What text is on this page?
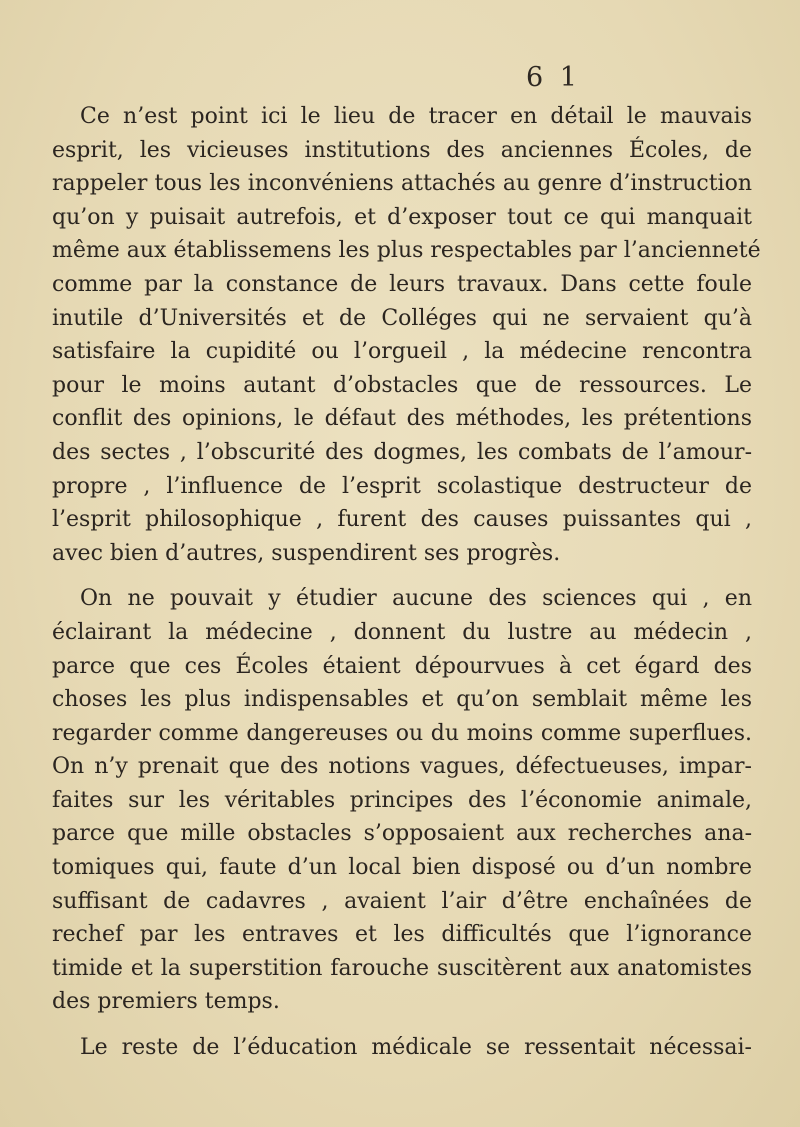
6 1
Ce n’est point ici le lieu de tracer en détail le mauvais
esprit, les vicieuses institutions des anciennes Écoles, de
rappeler tous les inconvéniens attachés au genre d’instruction
qu’on y puisait autrefois, et d’exposer tout ce qui manquait
même aux établissemens les plus respectables par l’ancienneté
comme par la constance de leurs travaux. Dans cette foule
inutile d’Universités et de Colléges qui ne servaient qu’à
satisfaire la cupidité ou l’orgueil , la médecine rencontra
pour le moins autant d’obstacles que de ressources. Le
conflit des opinions, le défaut des méthodes, les prétentions
des sectes , l’obscurité des dogmes, les combats de l’amour-
propre , l’influence de l’esprit scolastique destructeur de
l’esprit philosophique , furent des causes puissantes qui ,
avec bien d’autres, suspendirent ses progrès.
On ne pouvait y étudier aucune des sciences qui , en
éclairant la médecine , donnent du lustre au médecin ,
parce que ces Écoles étaient dépourvues à cet égard des
choses les plus indispensables et qu’on semblait même les
regarder comme dangereuses ou du moins comme superflues.
On n’y prenait que des notions vagues, défectueuses, impar-
faites sur les véritables principes des l’économie animale,
parce que mille obstacles s’opposaient aux recherches ana-
tomiques qui, faute d’un local bien disposé ou d’un nombre
suffisant de cadavres , avaient l’air d’être enchaînées de
rechef par les entraves et les difficultés que l’ignorance
timide et la superstition farouche suscitèrent aux anatomistes
des premiers temps.
Le reste de l’éducation médicale se ressentait nécessai-
